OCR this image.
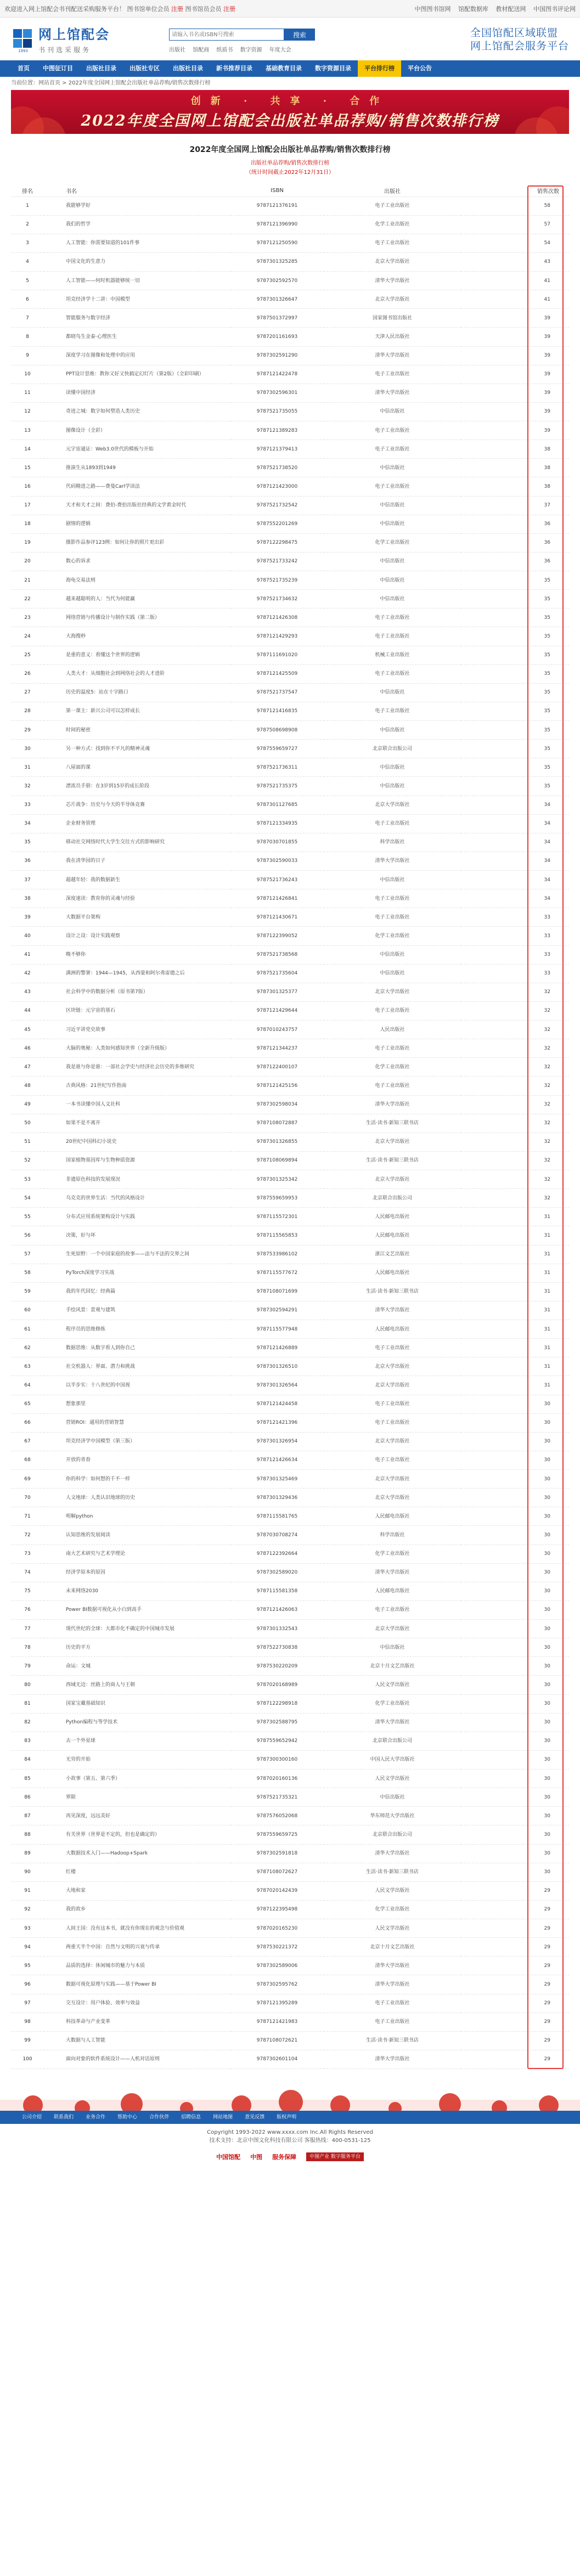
欢迎进入网上馆配会书刊配送采购服务平台！ 图书馆单位会员 注册 图书馆员会员 注册	中图图书馆网 馆配数据库 教材配送网 中国图书评论网
1993
网上馆配会
书刊选采服务
请输入书名或ISBN号搜索
搜索
出版社 馆配商 纸质书 数字资源 年度大会
全国馆配区域联盟
网上馆配会服务平台
首页	中图征订目	出版社目录	出版社专区	出版社目录	新书推荐目录	基础教育目录	数字资源目录	平台排行榜	平台公告
当前位置：网站首页 > 2022年度全国网上馆配会出版社单品荐购/销售次数排行榜
创新 · 共享 · 合作
2022年度全国网上馆配会出版社单品荐购/销售次数排行榜
2022年度全国网上馆配会出版社单品荐购/销售次数排行榜
出版社单品荐购/销售次数排行榜
（统计时间截止2022年12月31日）
排名	书名	ISBN	出版社	销售次数
1	我能够学好	9787121376191	电子工业出版社	58
2	我们的哲学	9787121396990	化学工业出版社	57
3	人工智能：你需要知道的101件事	9787121250590	电子工业出版社	54
4	中国文化的生意力	9787301325285	北京大学出版社	43
5	人工智能——何时机器能够统一切	9787302592570	清华大学出版社	41
6	坦克经济学十二讲：中国模型	9787301326647	北京大学出版社	41
7	智能服务与数字经济	9787501372997	国家图书馆出版社	39
8	都晓鸟生金泰·心理医生	9787201161693	天津人民出版社	39
9	深度学习在图像和处理中的应用	9787302591290	清华大学出版社	39
10	PPT设计思维：教你又好又快搞定幻灯片（第2版）（全彩印刷）	9787121422478	电子工业出版社	39
11	读懂中国经济	9787302596301	清华大学出版社	39
12	奇迹之城：数字如何塑造人类历史	9787521735055	中信出版社	39
13	图像设计（全彩）	9787121389283	电子工业出版社	39
14	元宇宙通证：Web3.0世代的模板与开始	9787121379413	电子工业出版社	38
15	推演生从1893到1949	9787521738520	中信出版社	38
16	代码精进之路——费曼Carl学读法	9787121423000	电子工业出版社	38
17	天才和天才之间：费伯-费伯出版社经典的文学黄金时代	9787521732542	中信出版社	37
18	剧情的逻辑	9787552201269	中信出版社	36
19	摄影作品参评123例：如何让你的照片更出彩	9787122298475	化学工业出版社	36
20	数心的诉求	9787521733242	中信出版社	36
21	海龟交易法则	9787521735239	中信出版社	35
22	越来越聪明的人：当代为何能赢	9787521734632	中信出版社	35
23	网络营销与传播设计与制作实践（第二版）	9787121426308	电子工业出版社	35
24	大海搜秒	9787121429293	电子工业出版社	35
25	是重的意义：看懂这个世界的逻辑	9787111691020	机械工业出版社	35
26	人类大才：从细胞社会到网络社会的人才进阶	9787121425509	电子工业出版社	35
27	历史的温度5：站在十字路口	9787521737547	中信出版社	35
28	第一课主：新兴公司可以怎样成长	9787121416835	电子工业出版社	35
29	时间的秘密	9787508698908	中信出版社	35
30	另一种方式：找到你不平凡的精神灵魂	9787559659727	北京联合出版公司	35
31	八屋面的课	9787521736311	中信出版社	35
32	漂流员手册：在3岁到15岁的成长阶段	9787521735375	中信出版社	35
33	芯片战争：历史与今天的半导体竞赛	9787301127685	北京大学出版社	34
34	企业财务管理	9787121334935	电子工业出版社	34
35	移动社交网络时代大学生交往方式的影响研究	9787030701855	科学出版社	34
36	我在清华园的日子	9787302590033	清华大学出版社	34
37	超越年轻：我的数据新生	9787521736243	中信出版社	34
38	深度速读：教育你的灵魂与经验	9787121426841	电子工业出版社	34
39	大数据平台架构	9787121430671	电子工业出版社	33
40	设计之设：设计实践观察	9787122399052	化学工业出版社	33
41	晚不够你	9787521738568	中信出版社	33
42	满洲的警署：1944—1945，从西蒙和阿尔弗雷德之后	9787521735604	中信出版社	33
43	社会科学中的数据分析（原书第7版）	9787301325377	北京大学出版社	32
44	区块链：元宇宙的基石	9787121429644	电子工业出版社	32
45	习近平讲党史故事	9787010243757	人民出版社	32
46	大脑的奥秘：人类如何感知世界（全新升级版）	9787121344237	电子工业出版社	32
47	我是谁与你是谁：一部社会学史与经济社会历史的多维研究	9787122400107	化学工业出版社	32
48	古典风格：21世纪写作指南	9787121425156	电子工业出版社	32
49	一本书读懂中国人文社科	9787302598034	清华大学出版社	32
50	如果不是不离开	9787108072887	生活·读书·新知三联书店	32
51	20世纪中国科幻小说史	9787301326855	北京大学出版社	32
52	国家植物基因库与生物种质资源	9787108069894	生活·读书·新知三联书店	32
53	非遗原色科技的发展现况	9787301325342	北京大学出版社	32
54	乌克克的世界生活：当代的风格设计	9787559659953	北京联合出版公司	32
55	分布式应用系统架构设计与实践	9787115572301	人民邮电出版社	31
56	决策，好与坏	9787115565853	人民邮电出版社	31
57	生死原野：一个中国家庭的故事——法与不法的交界之间	9787533986102	浙江文艺出版社	31
58	PyTorch深度学习实战	9787115577672	人民邮电出版社	31
59	我的年代回忆：经典篇	9787108071699	生活·读书·新知三联书店	31
60	手绘风景：景观与建筑	9787302594291	清华大学出版社	31
61	程序员的思维修炼	9787115577948	人民邮电出版社	31
62	数据思维：从数字看人到你自己	9787121426889	电子工业出版社	31
63	社交机器人：界面、潜力和挑战	9787301326510	北京大学出版社	31
64	以半步实：十八世纪的中国视	9787301326564	北京大学出版社	31
65	想象那里	9787121424458	电子工业出版社	30
66	营销ROI：通用的营销智慧	9787121421396	电子工业出版社	30
67	坦克经济学中国模型（第三版）	9787301326954	北京大学出版社	30
68	开放的青春	9787121426634	电子工业出版社	30
69	你的科学：如何想的千不一样	9787301325469	北京大学出版社	30
70	人文地球：人类认识地球的历史	9787301329436	北京大学出版社	30
71	明解python	9787115581765	人民邮电出版社	30
72	认知思维的发展阅读	9787030708274	科学出版社	30
73	南大艺术研究与艺术学理论	9787122392664	化学工业出版社	30
74	经济学原本的原因	9787302589020	清华大学出版社	30
75	未来网络2030	9787115581358	人民邮电出版社	30
76	Power BI数据可视化从小白到高手	9787121426063	电子工业出版社	30
77	现代世纪的全球：大都市化不确定的中国城市发展	9787301332543	北京大学出版社	30
78	历史的平方	9787522730838	中信出版社	30
79	命运：文城	9787530220209	北京十月文艺出版社	30
80	西域无边：丝路上的商人与王朝	9787020168989	人民文学出版社	30
81	国家宝藏基础知识	9787122298918	化学工业出版社	30
82	Python编程与等学技术	9787302588795	清华大学出版社	30
83	去一个外星球	9787559652942	北京联合出版公司	30
84	无穷的开始	9787300300160	中国人民大学出版社	30
85	小故事（第五、第六季）	9787020160136	人民文学出版社	30
86	界限	9787521735321	中信出版社	30
87	再见深度，远远美好	9787576052068	华东师范大学出版社	30
88	有关世界（世界是不定的，但也是确定的）	9787559659725	北京联合出版公司	30
89	大数据技术入门——Hadoop+Spark	9787302591818	清华大学出版社	30
90	红楼	9787108072627	生活·读书·新知三联书店	30
91	大地和家	9787020142439	人民文学出版社	29
92	我的故乡	9787122395498	化学工业出版社	29
93	人间王国：没有这本书，就没有你现在的观念与价值观	9787020165230	人民文学出版社	29
94	两重天半个中国：自然与文明的兴衰与传承	9787530221372	北京十月文艺出版社	29
95	品质的选择：休闲城市的魅力与本质	9787302589006	清华大学出版社	29
96	数据可视化原理与实践——基于Power BI	9787302595762	清华大学出版社	29
97	交互设计：用户体验、效率与效益	9787121395289	电子工业出版社	29
98	科技革命与产业变革	9787121421983	电子工业出版社	29
99	大数据与人工智能	9787108072621	生活·读书·新知三联书店	29
100	面向对象的软件系统设计——人机对话原则	9787302601104	清华大学出版社	29
公司介绍 联系我们 业务合作 帮助中心 合作伙伴 招聘信息 网站地图 意见反馈 版权声明
Copyright 1993-2022 www.xxxx.com Inc.All Rights Reserved
技术支持：北京中图文化科技有限公司 客服热线：400-0531-125
中国馆配 中图 服务保障	中图产业 数字服务平台
